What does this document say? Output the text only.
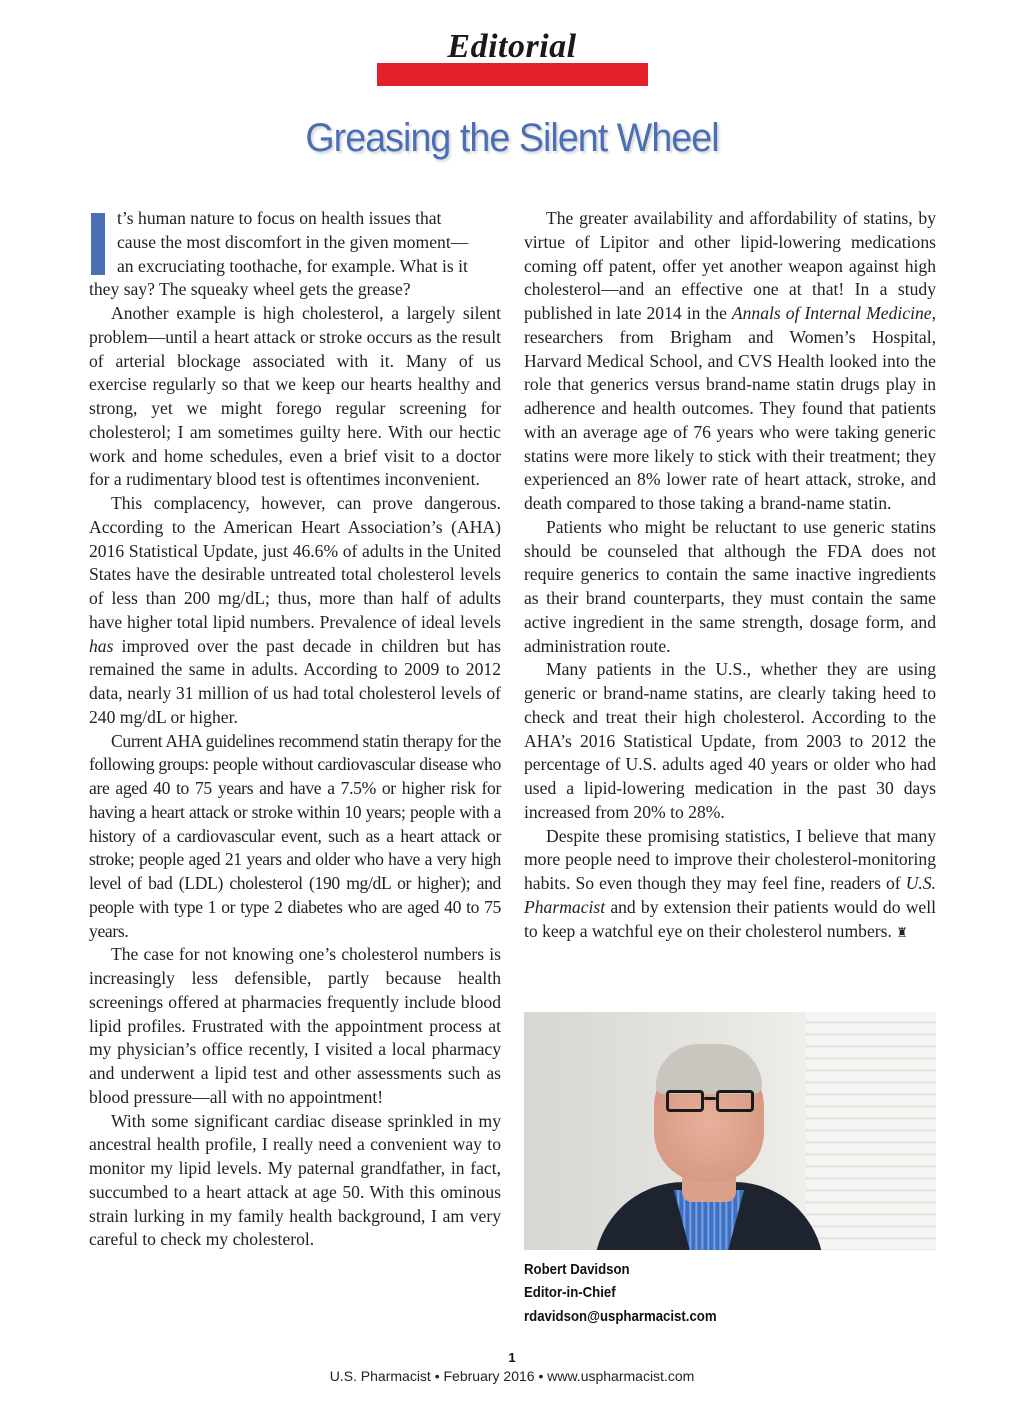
Editorial
Greasing the Silent Wheel
t’s human nature to focus on health issues that
cause the most discomfort in the given moment—
an excruciating toothache, for example. What is it
they say? The squeaky wheel gets the grease?

Another example is high cholesterol, a largely silent problem—until a heart attack or stroke occurs as the result of arterial blockage associated with it. Many of us exercise regularly so that we keep our hearts healthy and strong, yet we might forego regular screening for cholesterol; I am sometimes guilty here. With our hectic work and home schedules, even a brief visit to a doctor for a rudimentary blood test is oftentimes inconvenient.

This complacency, however, can prove dangerous. According to the American Heart Association’s (AHA) 2016 Statistical Update, just 46.6% of adults in the United States have the desirable untreated total cholesterol levels of less than 200 mg/dL; thus, more than half of adults have higher total lipid numbers. Prevalence of ideal levels has improved over the past decade in children but has remained the same in adults. According to 2009 to 2012 data, nearly 31 million of us had total cholesterol levels of 240 mg/dL or higher.

Current AHA guidelines recommend statin therapy for the following groups: people without cardiovascular disease who are aged 40 to 75 years and have a 7.5% or higher risk for having a heart attack or stroke within 10 years; people with a history of a cardiovascular event, such as a heart attack or stroke; people aged 21 years and older who have a very high level of bad (LDL) cholesterol (190 mg/dL or higher); and people with type 1 or type 2 diabetes who are aged 40 to 75 years.

The case for not knowing one’s cholesterol numbers is increasingly less defensible, partly because health screenings offered at pharmacies frequently include blood lipid profiles. Frustrated with the appointment process at my physician’s office recently, I visited a local pharmacy and underwent a lipid test and other assessments such as blood pressure—all with no appointment!

With some significant cardiac disease sprinkled in my ancestral health profile, I really need a convenient way to monitor my lipid levels. My paternal grandfather, in fact, succumbed to a heart attack at age 50. With this ominous strain lurking in my family health background, I am very careful to check my cholesterol.

The greater availability and affordability of statins, by virtue of Lipitor and other lipid-lowering medications coming off patent, offer yet another weapon against high cholesterol—and an effective one at that! In a study published in late 2014 in the Annals of Internal Medicine, researchers from Brigham and Women’s Hospital, Harvard Medical School, and CVS Health looked into the role that generics versus brand-name statin drugs play in adherence and health outcomes. They found that patients with an average age of 76 years who were taking generic statins were more likely to stick with their treatment; they experienced an 8% lower rate of heart attack, stroke, and death compared to those taking a brand-name statin.

Patients who might be reluctant to use generic statins should be counseled that although the FDA does not require generics to contain the same inactive ingredients as their brand counterparts, they must contain the same active ingredient in the same strength, dosage form, and administration route.

Many patients in the U.S., whether they are using generic or brand-name statins, are clearly taking heed to check and treat their high cholesterol. According to the AHA’s 2016 Statistical Update, from 2003 to 2012 the percentage of U.S. adults aged 40 years or older who had used a lipid-lowering medication in the past 30 days increased from 20% to 28%.

Despite these promising statistics, I believe that many more people need to improve their cholesterol-monitoring habits. So even though they may feel fine, readers of U.S. Pharmacist and by extension their patients would do well to keep a watchful eye on their cholesterol numbers. ♜

Robert Davidson
Editor-in-Chief
rdavidson@uspharmacist.com
1
U.S. Pharmacist • February 2016 • www.uspharmacist.com
